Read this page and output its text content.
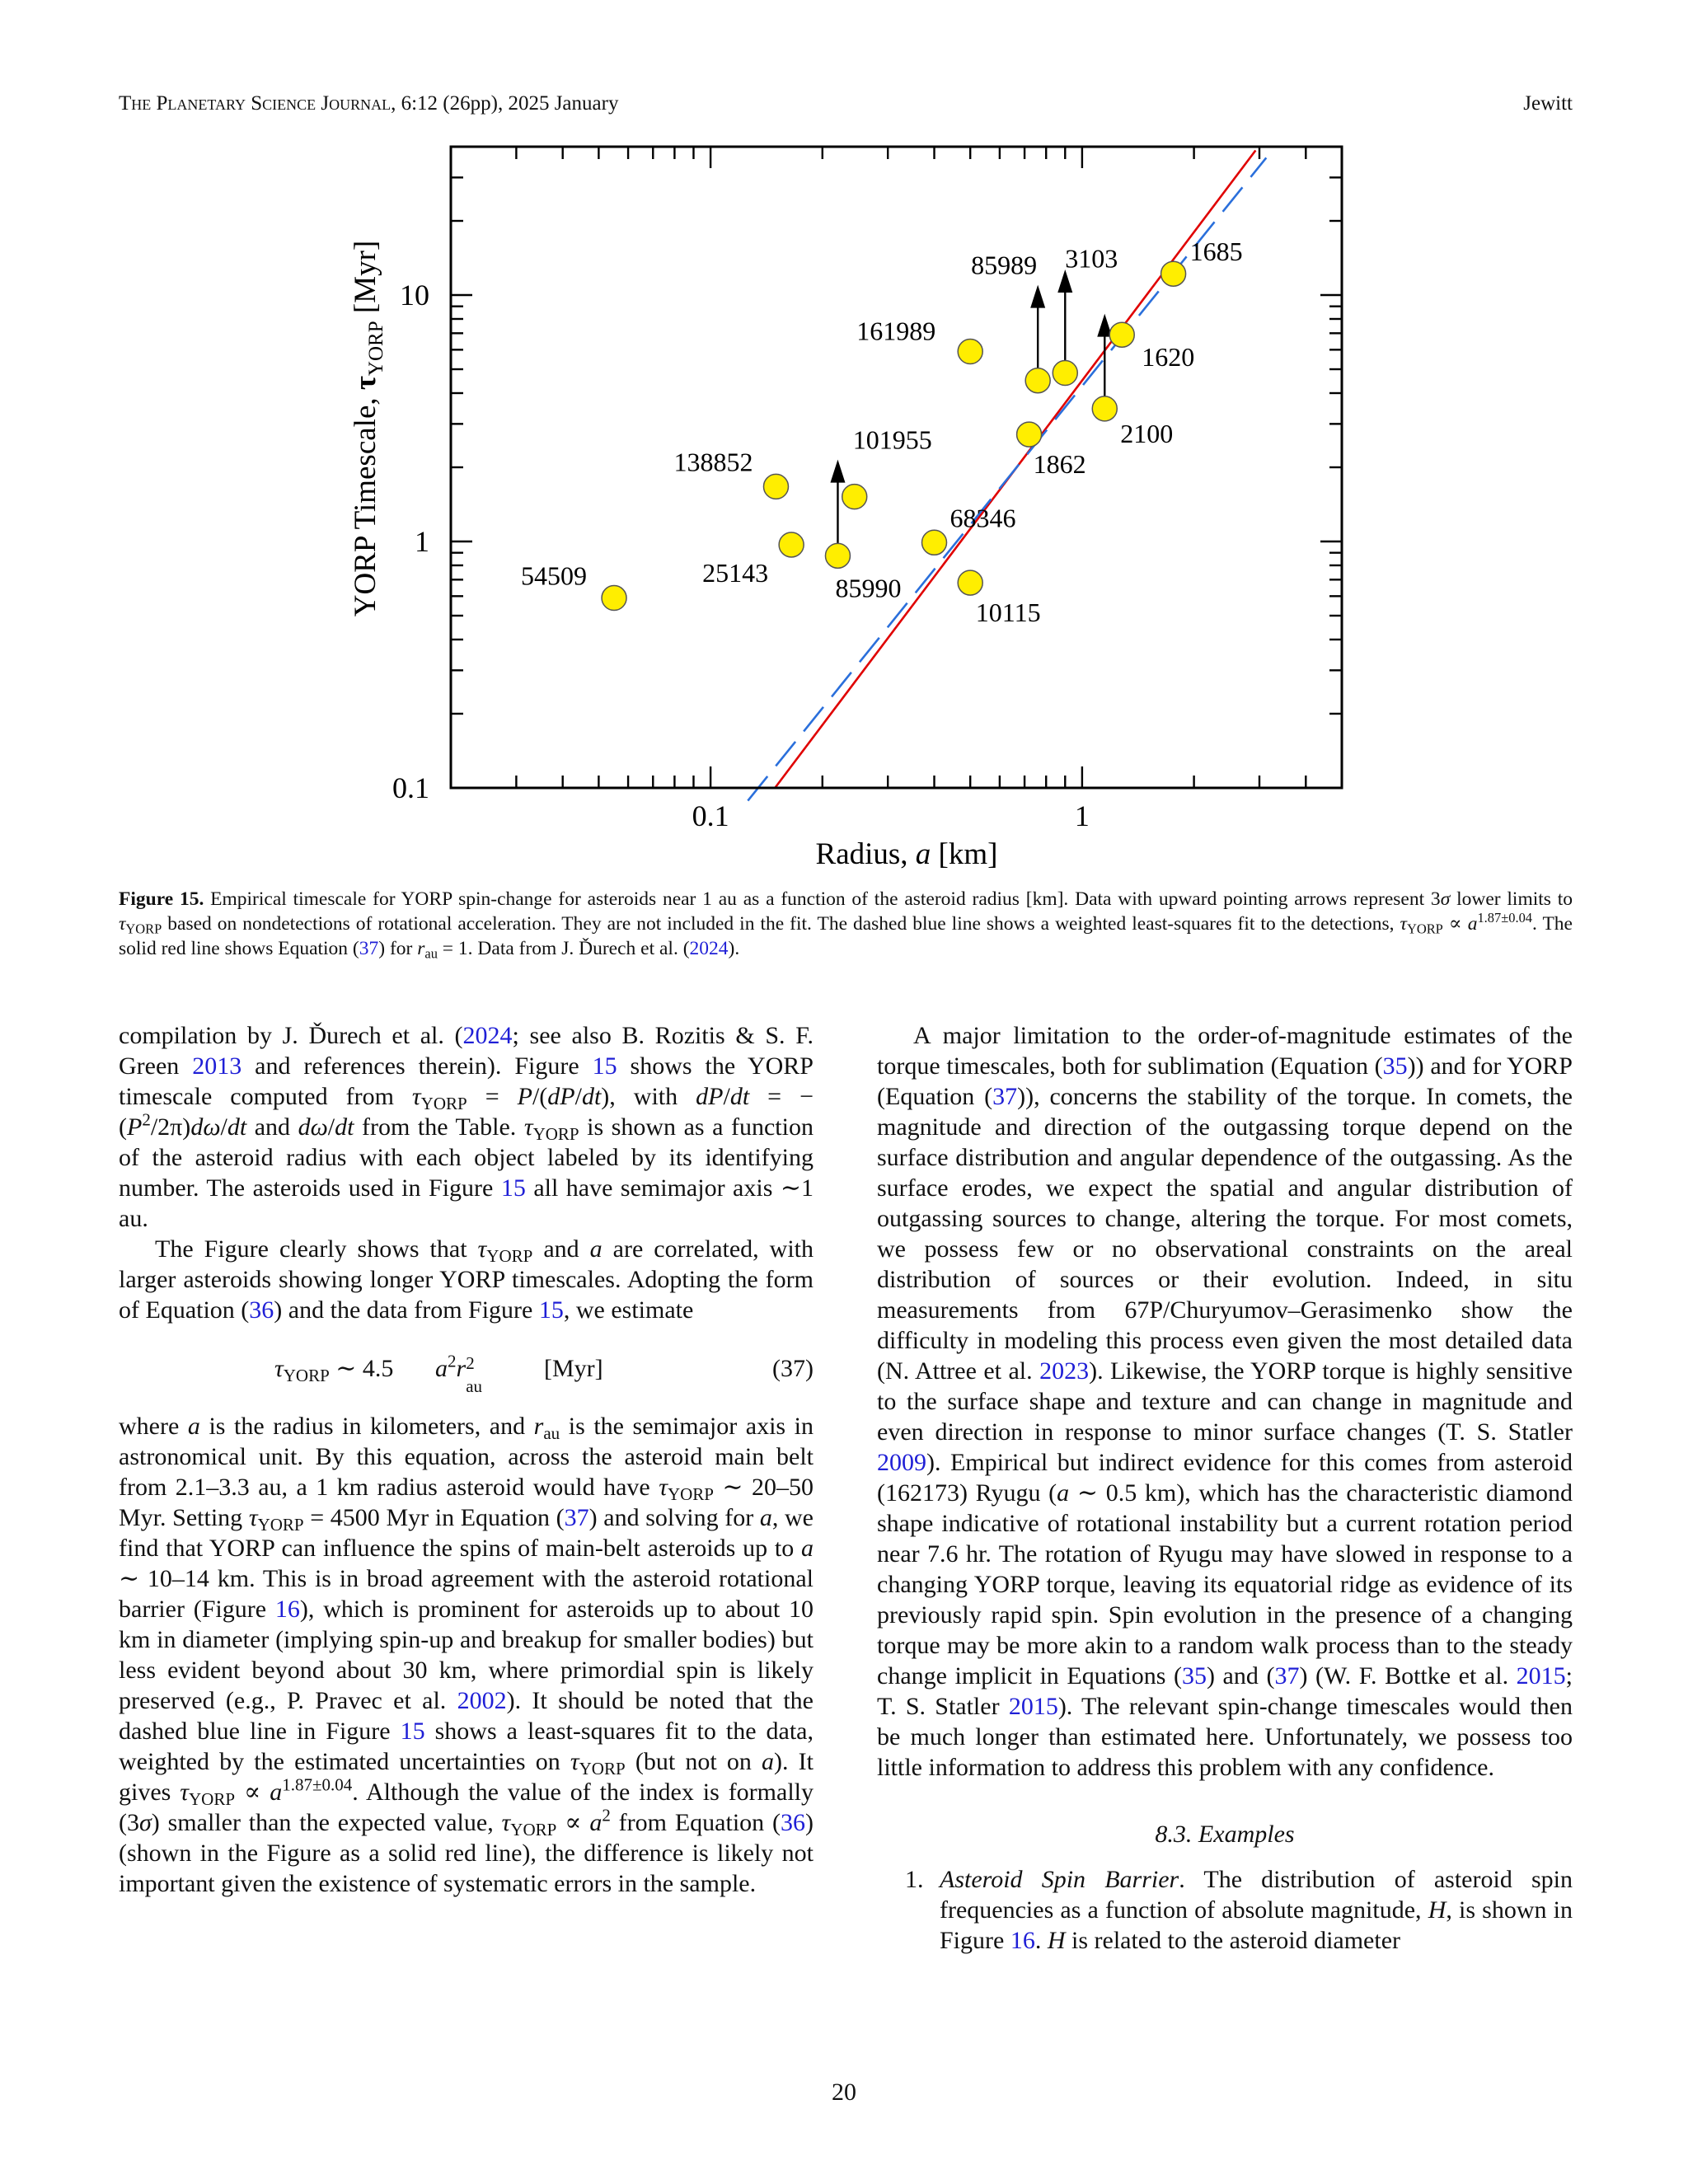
The Planetary Science Journal, 6:12 (26pp), 2025 January	Jewitt
0.1	1
0.1
1
10
54509
138852
25143
85990
101955
68346
10115
161989
85989 3103
1862
2100
1620
1685
YORP Timescale, $\tau_{YORP}$ [Myr]
Radius, a [km]
Figure 15. Empirical timescale for YORP spin-change for asteroids near 1 au as a function of the asteroid radius [km]. Data with upward pointing arrows represent 3σ lower limits to $\tau_{YORP}$ based on nondetections of rotational acceleration. They are not included in the fit. The dashed blue line shows a weighted least-squares fit to the detections, $\tau_{YORP} \propto a^{1.87\pm 0.04}$. The solid red line shows Equation (37) for $r_{au} = 1$. Data from J. Ďurech et al. (2024).

compilation by J. Ďurech et al. (2024; see also B. Rozitis & S. F. Green 2013 and references therein). Figure 15 shows the YORP timescale computed from $\tau_{YORP} = P/(dP/dt)$, with dP/dt = − $(P^2/2\pi)d\omega/dt$ and dω/dt from the Table. $\tau_{YORP}$ is shown as a function of the asteroid radius with each object labeled by its identifying number. The asteroids used in Figure 15 all have semimajor axis ∼1 au.

The Figure clearly shows that $\tau_{YORP}$ and a are correlated, with larger asteroids showing longer YORP timescales. Adopting the form of Equation (36) and the data from Figure 15, we estimate

$\tau_{YORP}$ ∼ 4.5 $a^2r$ 2
au
[Myr]	(37)

where a is the radius in kilometers, and $r_{au}$ is the semimajor axis in astronomical unit. By this equation, across the asteroid main belt from 2.1–3.3 au, a 1 km radius asteroid would have $\tau_{YORP}$ ∼ 20–50 Myr. Setting $\tau_{YORP} = 4500$ Myr in Equation (37) and solving for a, we find that YORP can influence the spins of main-belt asteroids up to a ∼ 10–14 km. This is in broad agreement with the asteroid rotational barrier (Figure 16), which is prominent for asteroids up to about 10 km in diameter (implying spin-up and breakup for smaller bodies) but less evident beyond about 30 km, where primordial spin is likely preserved (e.g., P. Pravec et al. 2002). It should be noted that the dashed blue line in Figure 15 shows a least-squares fit to the data, weighted by the estimated uncertainties on $\tau_{YORP}$ (but not on a). It gives $\tau_{YORP} \propto a^{1.87\pm 0.04}$. Although the value of the index is formally (3σ) smaller than the expected value, $\tau_{YORP} \propto a^2$ from Equation (36) (shown in the Figure as a solid red line), the difference is likely not important given the existence of systematic errors in the sample.

A major limitation to the order-of-magnitude estimates of the torque timescales, both for sublimation (Equation (35)) and for YORP (Equation (37)), concerns the stability of the torque. In comets, the magnitude and direction of the outgassing torque depend on the surface distribution and angular dependence of the outgassing. As the surface erodes, we expect the spatial and angular distribution of outgassing sources to change, altering the torque. For most comets, we possess few or no observational constraints on the areal distribution of sources or their evolution. Indeed, in situ measurements from 67P/Churyumov–Gerasimenko show the difficulty in modeling this process even given the most detailed data (N. Attree et al. 2023). Likewise, the YORP torque is highly sensitive to the surface shape and texture and can change in magnitude and even direction in response to minor surface changes (T. S. Statler 2009). Empirical but indirect evidence for this comes from asteroid (162173) Ryugu (a ∼ 0.5 km), which has the characteristic diamond shape indicative of rotational instability but a current rotation period near 7.6 hr. The rotation of Ryugu may have slowed in response to a changing YORP torque, leaving its equatorial ridge as evidence of its previously rapid spin. Spin evolution in the presence of a changing torque may be more akin to a random walk process than to the steady change implicit in Equations (35) and (37) (W. F. Bottke et al. 2015; T. S. Statler 2015). The relevant spin-change timescales would then be much longer than estimated here. Unfortunately, we possess too little information to address this problem with any confidence.

8.3. Examples
1. Asteroid Spin Barrier. The distribution of asteroid spin frequencies as a function of absolute magnitude, H, is shown in Figure 16. H is related to the asteroid diameter
20
